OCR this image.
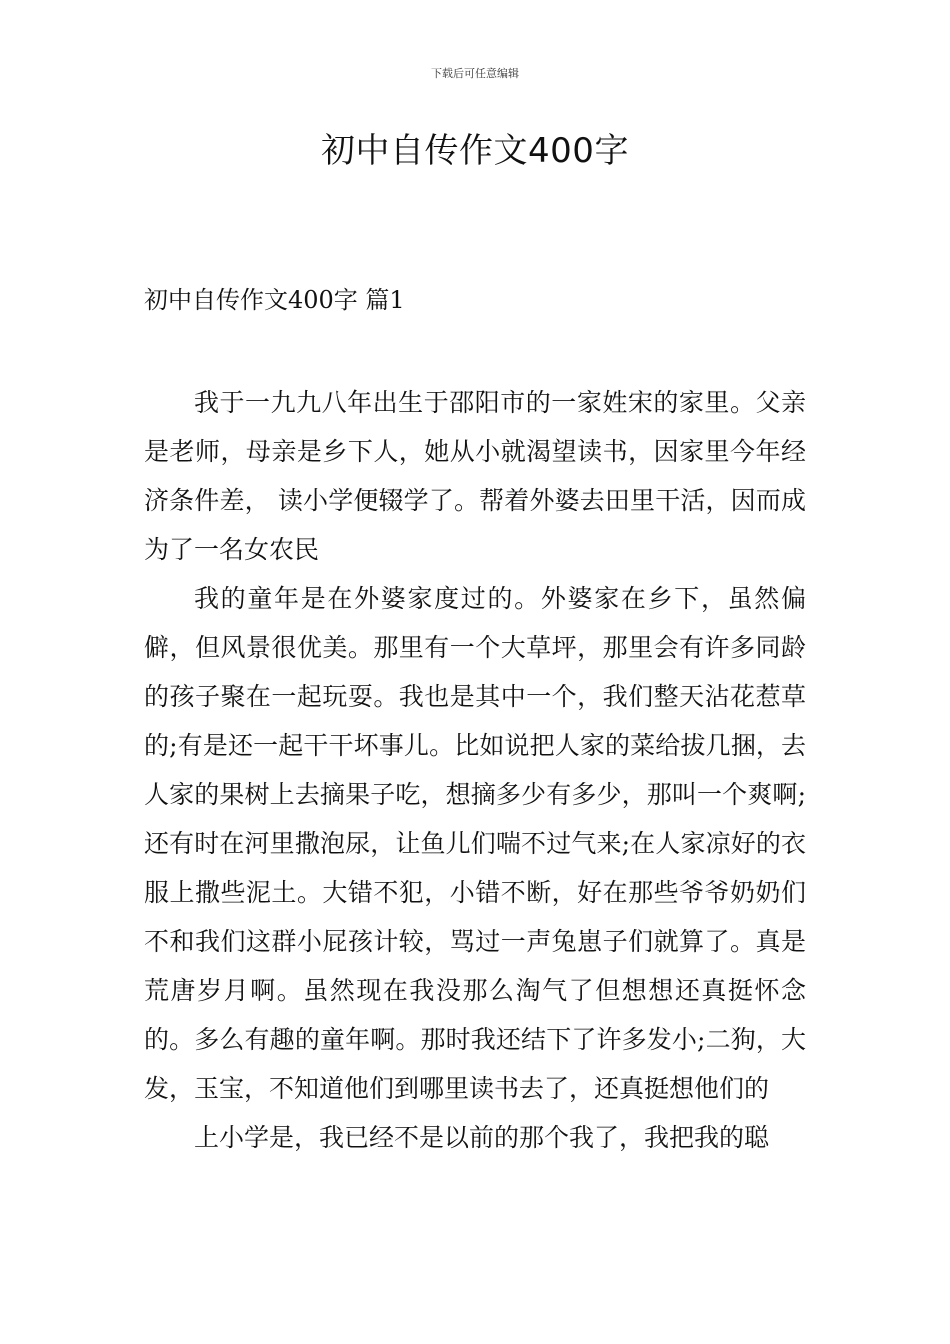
下载后可任意编辑
初中自传作文400字
初中自传作文400字 篇1

我于一九九八年出生于邵阳市的一家姓宋的家里。父亲是老师，母亲是乡下人，她从小就渴望读书，因家里今年经济条件差， 读小学便辍学了。帮着外婆去田里干活，因而成为了一名女农民

我的童年是在外婆家度过的。外婆家在乡下，虽然偏僻，但风景很优美。那里有一个大草坪，那里会有许多同龄的孩子聚在一起玩耍。我也是其中一个，我们整天沾花惹草的;有是还一起干干坏事儿。比如说把人家的菜给拔几捆，去人家的果树上去摘果子吃，想摘多少有多少，那叫一个爽啊;还有时在河里撒泡尿，让鱼儿们喘不过气来;在人家凉好的衣服上撒些泥土。大错不犯，小错不断，好在那些爷爷奶奶们不和我们这群小屁孩计较，骂过一声兔崽子们就算了。真是荒唐岁月啊。虽然现在我没那么淘气了但想想还真挺怀念的。多么有趣的童年啊。那时我还结下了许多发小;二狗，大发，玉宝，不知道他们到哪里读书去了，还真挺想他们的

上小学是，我已经不是以前的那个我了，我把我的聪
